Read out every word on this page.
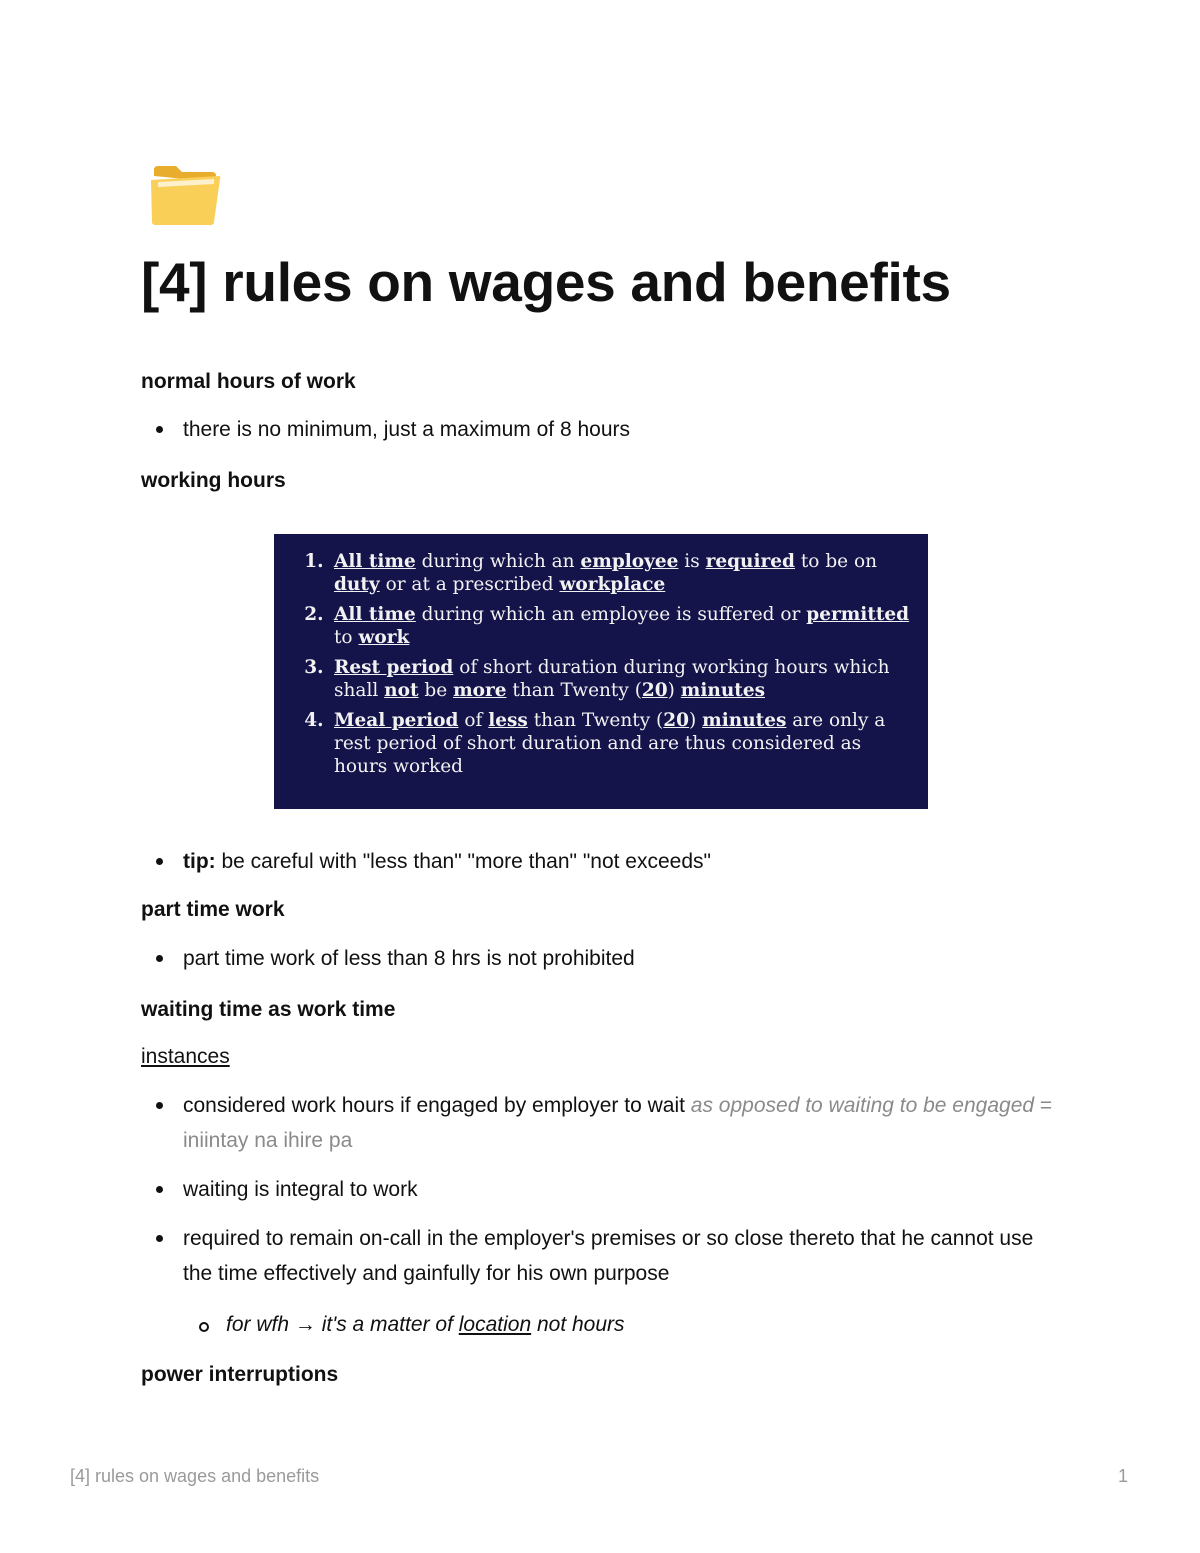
[4] rules on wages and benefits

normal hours of work

there is no minimum, just a maximum of 8 hours

working hours

1. All time during which an employee is required to be on duty or at a prescribed workplace
2. All time during which an employee is suffered or permitted to work
3. Rest period of short duration during working hours which shall not be more than Twenty (20) minutes
4. Meal period of less than Twenty (20) minutes are only a rest period of short duration and are thus considered as hours worked

tip: be careful with "less than" "more than" "not exceeds"

part time work

part time work of less than 8 hrs is not prohibited

waiting time as work time

instances

considered work hours if engaged by employer to wait as opposed to waiting to be engaged = iniintay na ihire pa

waiting is integral to work

required to remain on-call in the employer's premises or so close thereto that he cannot use the time effectively and gainfully for his own purpose

for wfh → it's a matter of location not hours

power interruptions

[4] rules on wages and benefits	1
